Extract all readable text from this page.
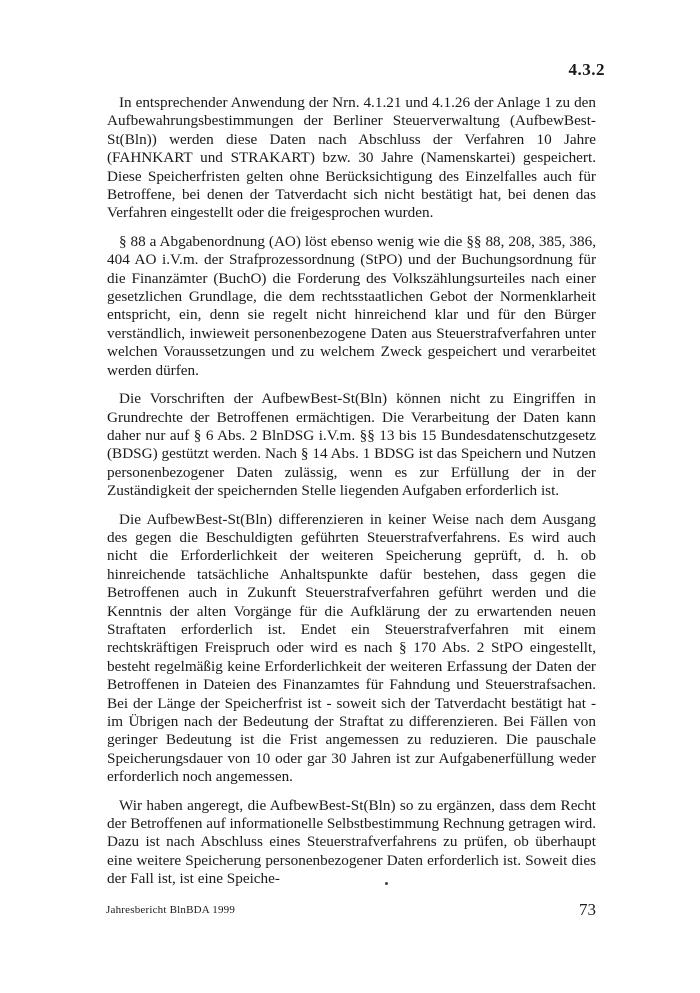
4.3.2

In entsprechender Anwendung der Nrn. 4.1.21 und 4.1.26 der Anlage 1 zu den Aufbewahrungsbestimmungen der Berliner Steuerverwaltung (AufbewBest-St(Bln)) werden diese Daten nach Abschluss der Verfahren 10 Jahre (FAHNKART und STRAKART) bzw. 30 Jahre (Namenskartei) gespeichert. Diese Speicherfristen gelten ohne Berücksichtigung des Einzelfalles auch für Betroffene, bei denen der Tatverdacht sich nicht bestätigt hat, bei denen das Verfahren eingestellt oder die freigesprochen wurden.

§ 88 a Abgabenordnung (AO) löst ebenso wenig wie die §§ 88, 208, 385, 386, 404 AO i.V.m. der Strafprozessordnung (StPO) und der Buchungsordnung für die Finanzämter (BuchO) die Forderung des Volkszählungsurteiles nach einer gesetzlichen Grundlage, die dem rechtsstaatlichen Gebot der Normenklarheit entspricht, ein, denn sie regelt nicht hinreichend klar und für den Bürger verständlich, inwieweit personenbezogene Daten aus Steuerstrafverfahren unter welchen Voraussetzungen und zu welchem Zweck gespeichert und verarbeitet werden dürfen.

Die Vorschriften der AufbewBest-St(Bln) können nicht zu Eingriffen in Grundrechte der Betroffenen ermächtigen. Die Verarbeitung der Daten kann daher nur auf § 6 Abs. 2 BlnDSG i.V.m. §§ 13 bis 15 Bundesdatenschutzgesetz (BDSG) gestützt werden. Nach § 14 Abs. 1 BDSG ist das Speichern und Nutzen personenbezogener Daten zulässig, wenn es zur Erfüllung der in der Zuständigkeit der speichernden Stelle liegenden Aufgaben erforderlich ist.

Die AufbewBest-St(Bln) differenzieren in keiner Weise nach dem Ausgang des gegen die Beschuldigten geführten Steuerstrafverfahrens. Es wird auch nicht die Erforderlichkeit der weiteren Speicherung geprüft, d. h. ob hinreichende tatsächliche Anhaltspunkte dafür bestehen, dass gegen die Betroffenen auch in Zukunft Steuerstrafverfahren geführt werden und die Kenntnis der alten Vorgänge für die Aufklärung der zu erwartenden neuen Straftaten erforderlich ist. Endet ein Steuerstrafverfahren mit einem rechtskräftigen Freispruch oder wird es nach § 170 Abs. 2 StPO eingestellt, besteht regelmäßig keine Erforderlichkeit der weiteren Erfassung der Daten der Betroffenen in Dateien des Finanzamtes für Fahndung und Steuerstrafsachen. Bei der Länge der Speicherfrist ist - soweit sich der Tatverdacht bestätigt hat - im Übrigen nach der Bedeutung der Straftat zu differenzieren. Bei Fällen von geringer Bedeutung ist die Frist angemessen zu reduzieren. Die pauschale Speicherungsdauer von 10 oder gar 30 Jahren ist zur Aufgabenerfüllung weder erforderlich noch angemessen.

Wir haben angeregt, die AufbewBest-St(Bln) so zu ergänzen, dass dem Recht der Betroffenen auf informationelle Selbstbestimmung Rechnung getragen wird. Dazu ist nach Abschluss eines Steuerstrafverfahrens zu prüfen, ob überhaupt eine weitere Speicherung personenbezogener Daten erforderlich ist. Soweit dies der Fall ist, ist eine Speiche-

Jahresbericht BlnBDA 1999	73
